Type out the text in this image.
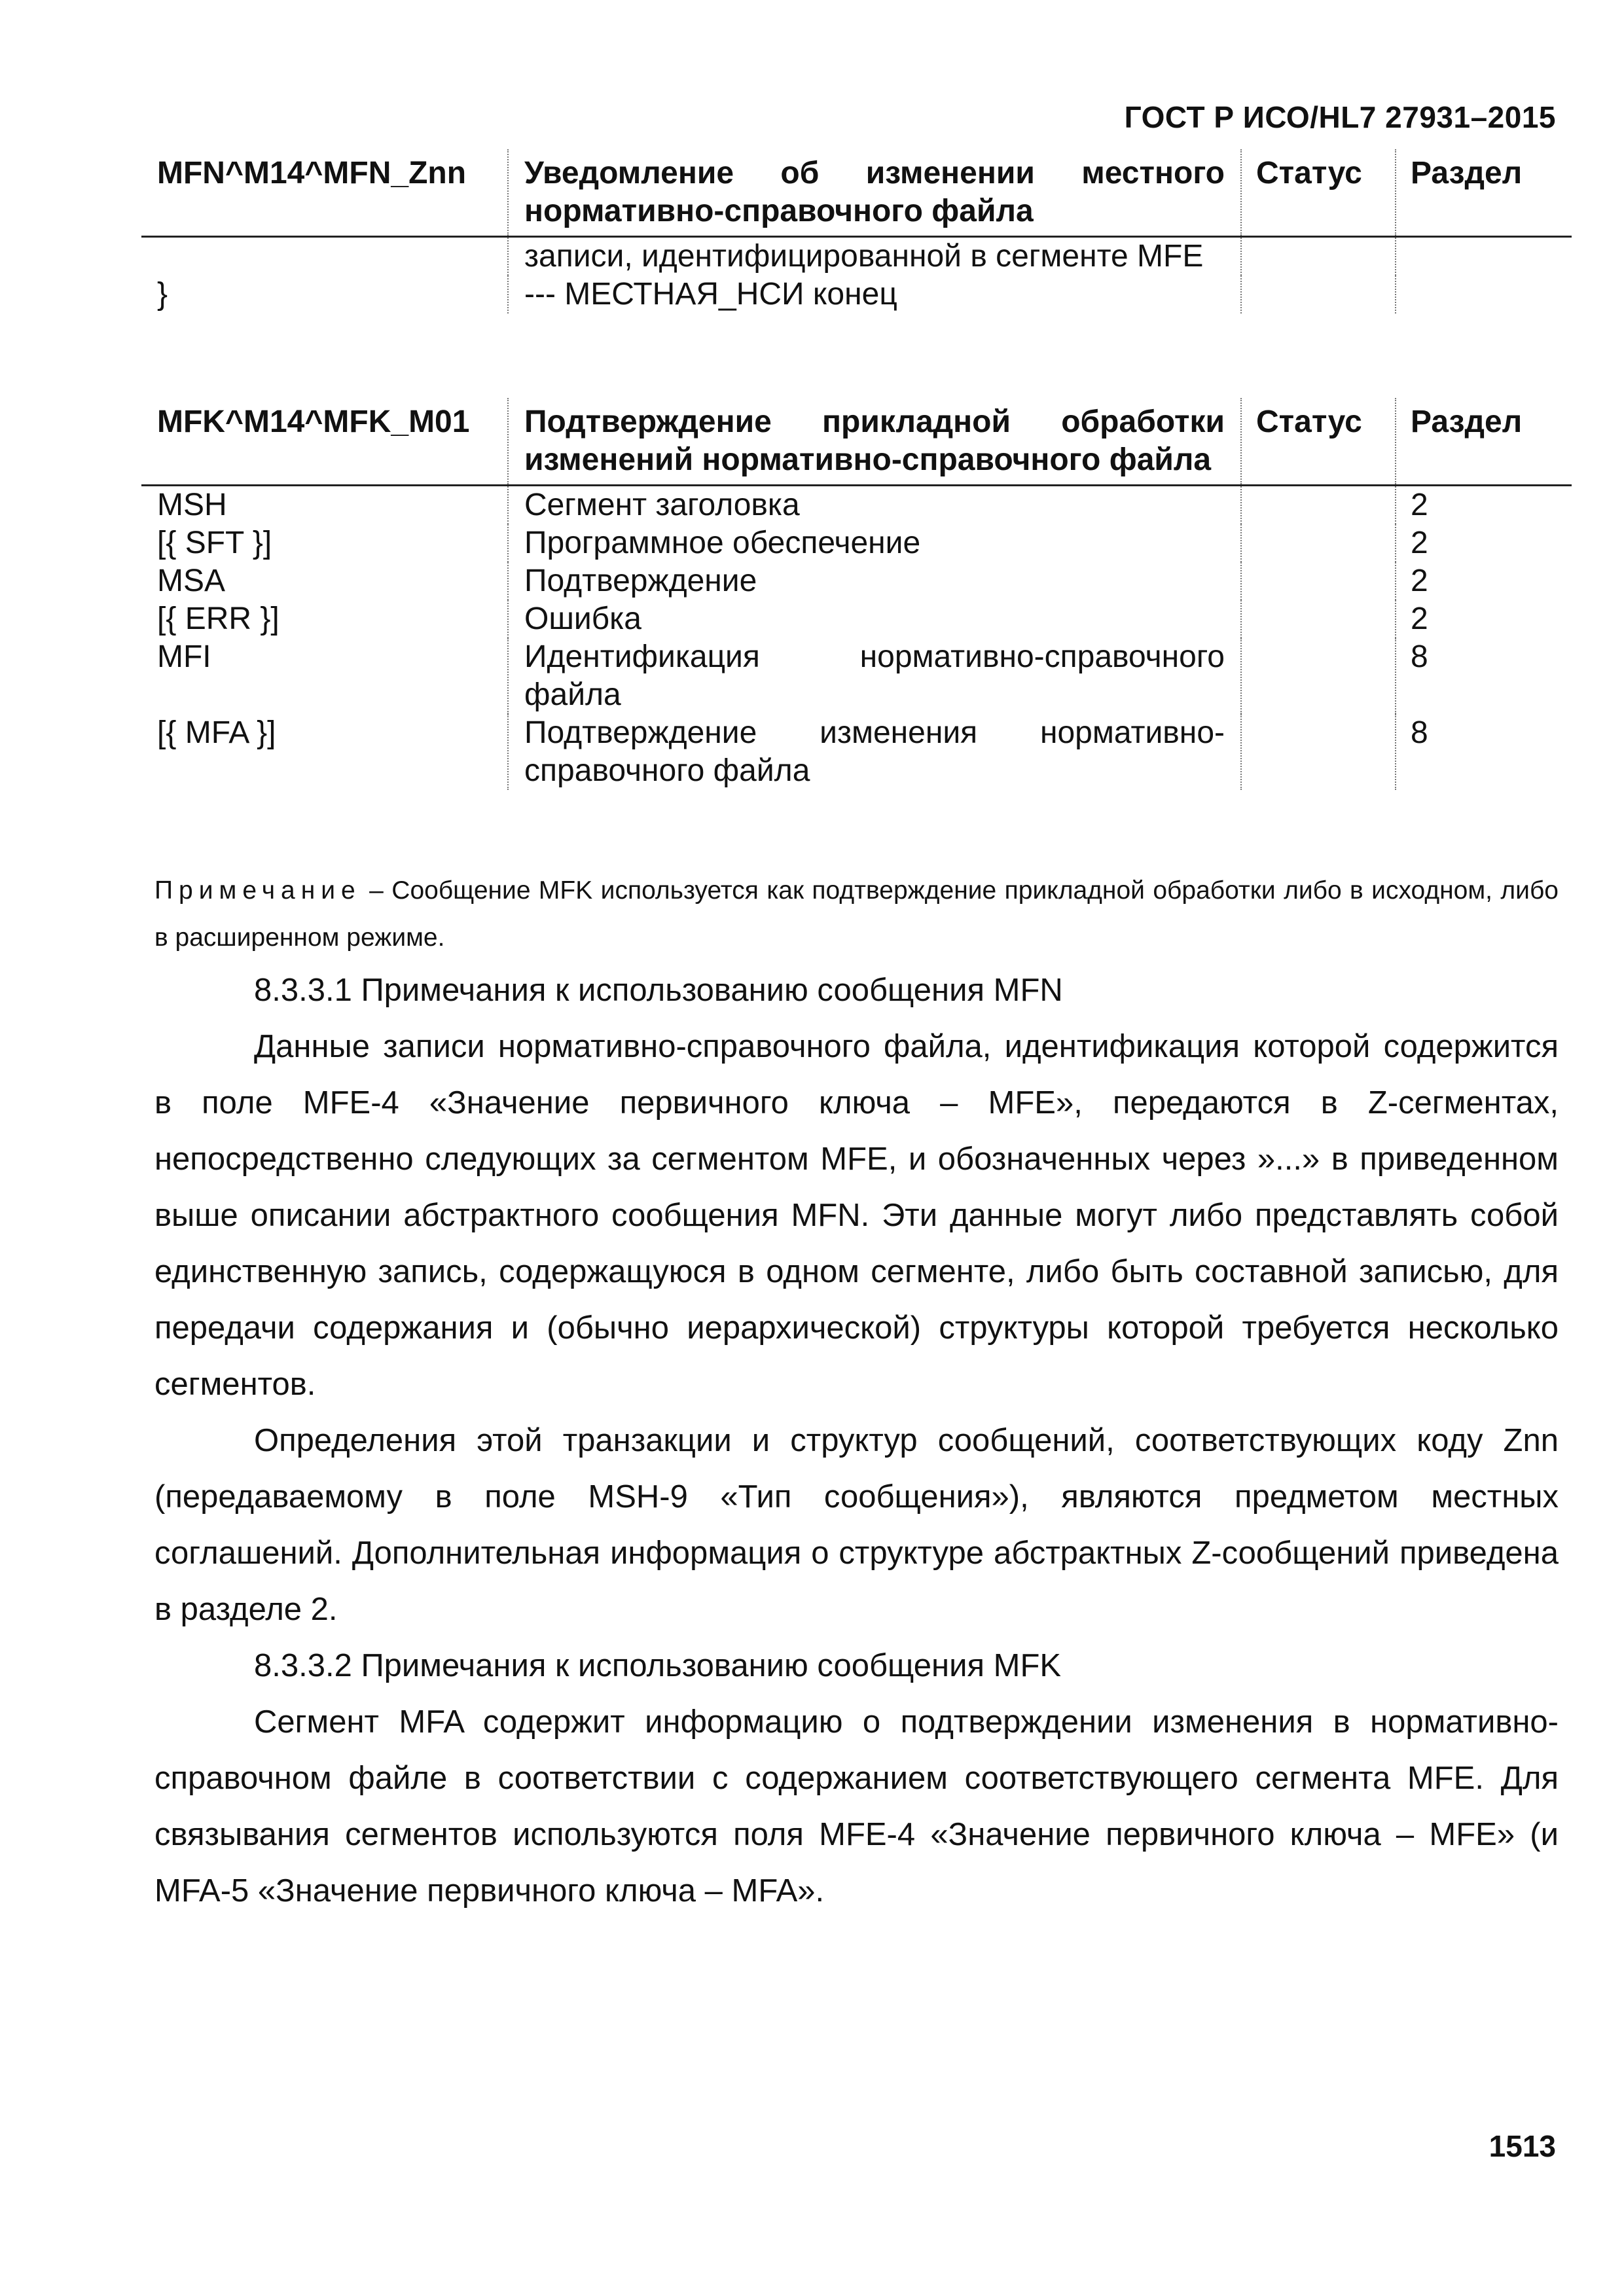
ГОСТ Р ИСО/HL7 27931–2015
MFN^M14^MFN_Znn	Уведомление об изменении местного нормативно-справочного файла	Статус	Раздел
	записи, идентифицированной в сегменте MFE		
}	--- МЕСТНАЯ_НСИ конец		
MFK^M14^MFK_M01	Подтверждение прикладной обработки изменений нормативно-справочного файла	Статус	Раздел
MSH	Сегмент заголовка		2
[{ SFT }]	Программное обеспечение		2
MSA	Подтверждение		2
[{ ERR }]	Ошибка		2
MFI	Идентификация нормативно-справочного файла		8
[{ MFA }]	Подтверждение изменения нормативно-справочного файла		8
Примечание – Сообщение MFK используется как подтверждение прикладной обработки либо в исходном, либо в расширенном режиме.

8.3.3.1 Примечания к использованию сообщения MFN

Данные записи нормативно-справочного файла, идентификация которой содержится в поле MFE-4 «Значение первичного ключа – MFE», передаются в Z-сегментах, непосредственно следующих за сегментом MFE, и обозначенных через »...» в приведенном выше описании абстрактного сообщения MFN. Эти данные могут либо представлять собой единственную запись, содержащуюся в одном сегменте, либо быть составной записью, для передачи содержания и (обычно иерархической) структуры которой требуется несколько сегментов.

Определения этой транзакции и структур сообщений, соответствующих коду Znn (передаваемому в поле MSH-9 «Тип сообщения»), являются предметом местных соглашений. Дополнительная информация о структуре абстрактных Z-сообщений приведена в разделе 2.

8.3.3.2 Примечания к использованию сообщения MFK

Сегмент MFA содержит информацию о подтверждении изменения в нормативно-справочном файле в соответствии с содержанием соответствующего сегмента MFE. Для связывания сегментов используются поля MFE-4 «Значение первичного ключа – MFE» (и MFA-5 «Значение первичного ключа – MFA».

1513
